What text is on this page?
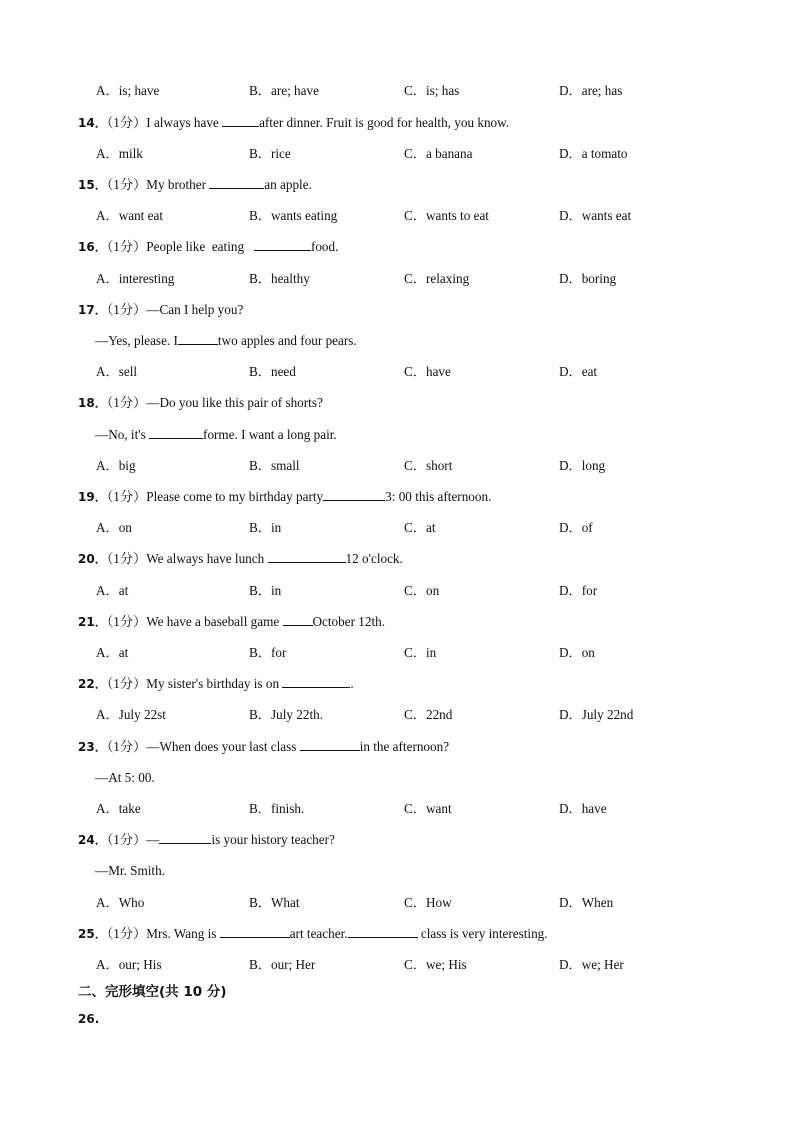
A．is; have	B．are; have	C．is; has	D．are; has
14．（1分）I always have	after dinner. Fruit is good for health, you know.
A．milk	B．rice	C．a banana	D．a tomato
15．（1分）My brother	an apple.
A．want eat	B．wants eating	C．wants to eat	D．wants eat
16．（1分）People like  eating	food.
A．interesting	B．healthy	C．relaxing	D．boring
17．（1分）—Can I help you?
—Yes, please. I	two apples and four pears.
A．sell	B．need	C．have	D．eat
18．（1分）—Do you like this pair of shorts?
—No, it's	forme. I want a long pair.
A．big	B．small	C．short	D．long
19．（1分）Please come to my birthday party	3: 00 this afternoon.
A．on	B．in	C．at	D．of
20．（1分）We always have lunch	12 o'clock.
A．at	B．in	C．on	D．for
21．（1分）We have a baseball game October 12th.
A．at	B．for	C．in	D．on
22．（1分）My sister's birthday is on	.
A．July 22st	B．July 22th.	C．22nd	D．July 22nd
23．（1分）—When does your last class	in the afternoon?
—At 5: 00.
A．take	B．finish.	C．want	D．have
24．（1分）—	is your history teacher?
—Mr. Smith.
A．Who	B．What	C．How	D．When
25．（1分）Mrs. Wang is	art teacher.	class is very interesting.
A．our; His	B．our; Her	C．we; His	D．we; Her
二、完形填空(共 10 分)
26.
